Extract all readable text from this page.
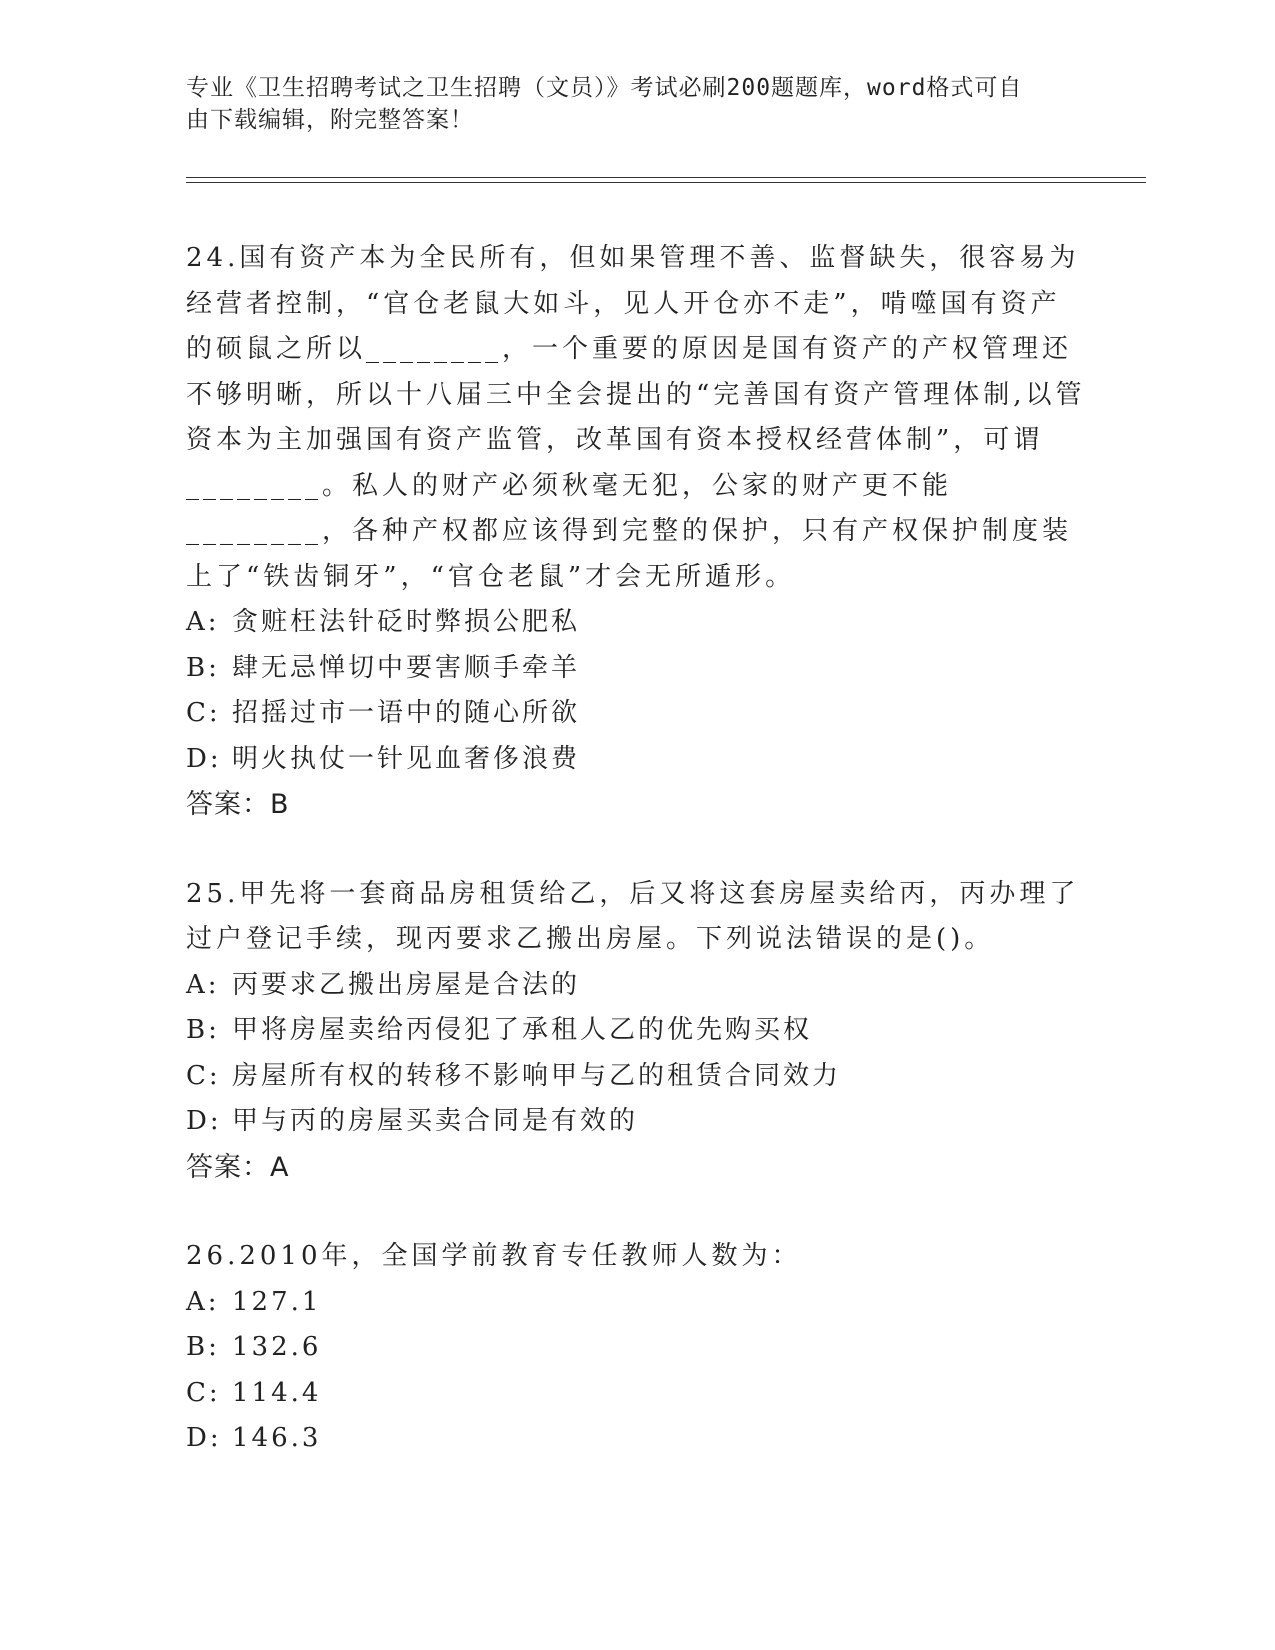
专业《卫生招聘考试之卫生招聘（文员）》考试必刷200题题库，word格式可自
由下载编辑，附完整答案！

24.国有资产本为全民所有，但如果管理不善、监督缺失，很容易为经营者控制，“官仓老鼠大如斗，见人开仓亦不走”，啃噬国有资产的硕鼠之所以________，一个重要的原因是国有资产的产权管理还不够明晰，所以十八届三中全会提出的“完善国有资产管理体制,以管资本为主加强国有资产监管，改革国有资本授权经营体制”，可谓________。私人的财产必须秋毫无犯，公家的财产更不能________，各种产权都应该得到完整的保护，只有产权保护制度装上了“铁齿铜牙”，“官仓老鼠”才会无所遁形。

A: 贪赃枉法针砭时弊损公肥私
B: 肆无忌惮切中要害顺手牵羊
C: 招摇过市一语中的随心所欲
D: 明火执仗一针见血奢侈浪费
答案：B

25.甲先将一套商品房租赁给乙，后又将这套房屋卖给丙，丙办理了过户登记手续，现丙要求乙搬出房屋。下列说法错误的是()。

A: 丙要求乙搬出房屋是合法的
B: 甲将房屋卖给丙侵犯了承租人乙的优先购买权
C: 房屋所有权的转移不影响甲与乙的租赁合同效力
D: 甲与丙的房屋买卖合同是有效的
答案：A

26.2010年，全国学前教育专任教师人数为：

A: 127.1
B: 132.6
C: 114.4
D: 146.3
